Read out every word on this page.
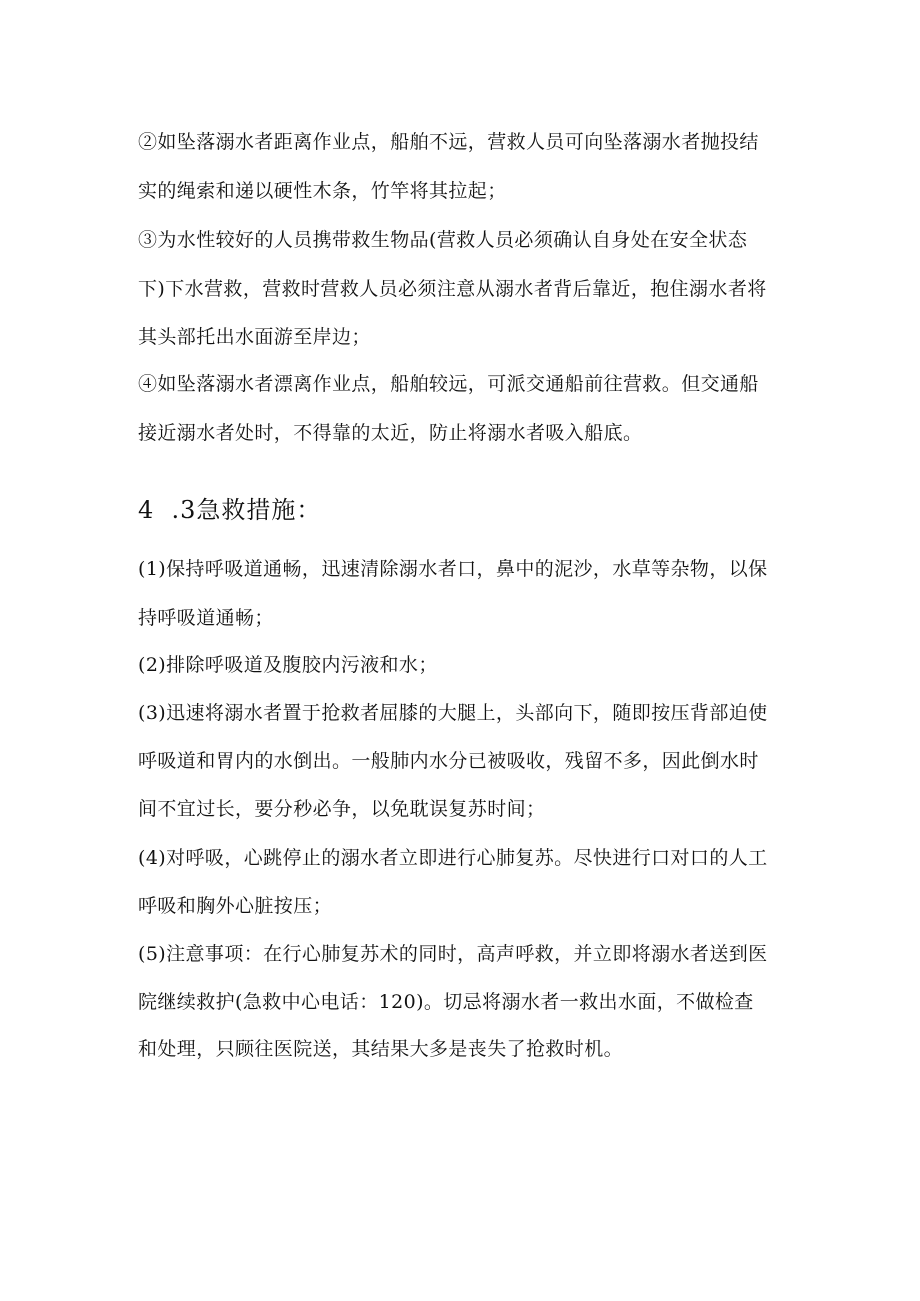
②如坠落溺水者距离作业点，船舶不远，营救人员可向坠落溺水者抛投结
实的绳索和递以硬性木条，竹竿将其拉起；
③为水性较好的人员携带救生物品(营救人员必须确认自身处在安全状态
下)下水营救，营救时营救人员必须注意从溺水者背后靠近，抱住溺水者将
其头部托出水面游至岸边；
④如坠落溺水者漂离作业点，船舶较远，可派交通船前往营救。但交通船
接近溺水者处时，不得靠的太近，防止将溺水者吸入船底。
4  .3急救措施：
(1)保持呼吸道通畅，迅速清除溺水者口，鼻中的泥沙，水草等杂物，以保
持呼吸道通畅；
(2)排除呼吸道及腹胶内污液和水；
(3)迅速将溺水者置于抢救者屈膝的大腿上，头部向下，随即按压背部迫使
呼吸道和胃内的水倒出。一般肺内水分已被吸收，残留不多，因此倒水时
间不宜过长，要分秒必争，以免耽误复苏时间；
(4)对呼吸，心跳停止的溺水者立即进行心肺复苏。尽快进行口对口的人工
呼吸和胸外心脏按压；
(5)注意事项：在行心肺复苏术的同时，高声呼救，并立即将溺水者送到医
院继续救护(急救中心电话：120)。切忌将溺水者一救出水面，不做检查
和处理，只顾往医院送，其结果大多是丧失了抢救时机。
